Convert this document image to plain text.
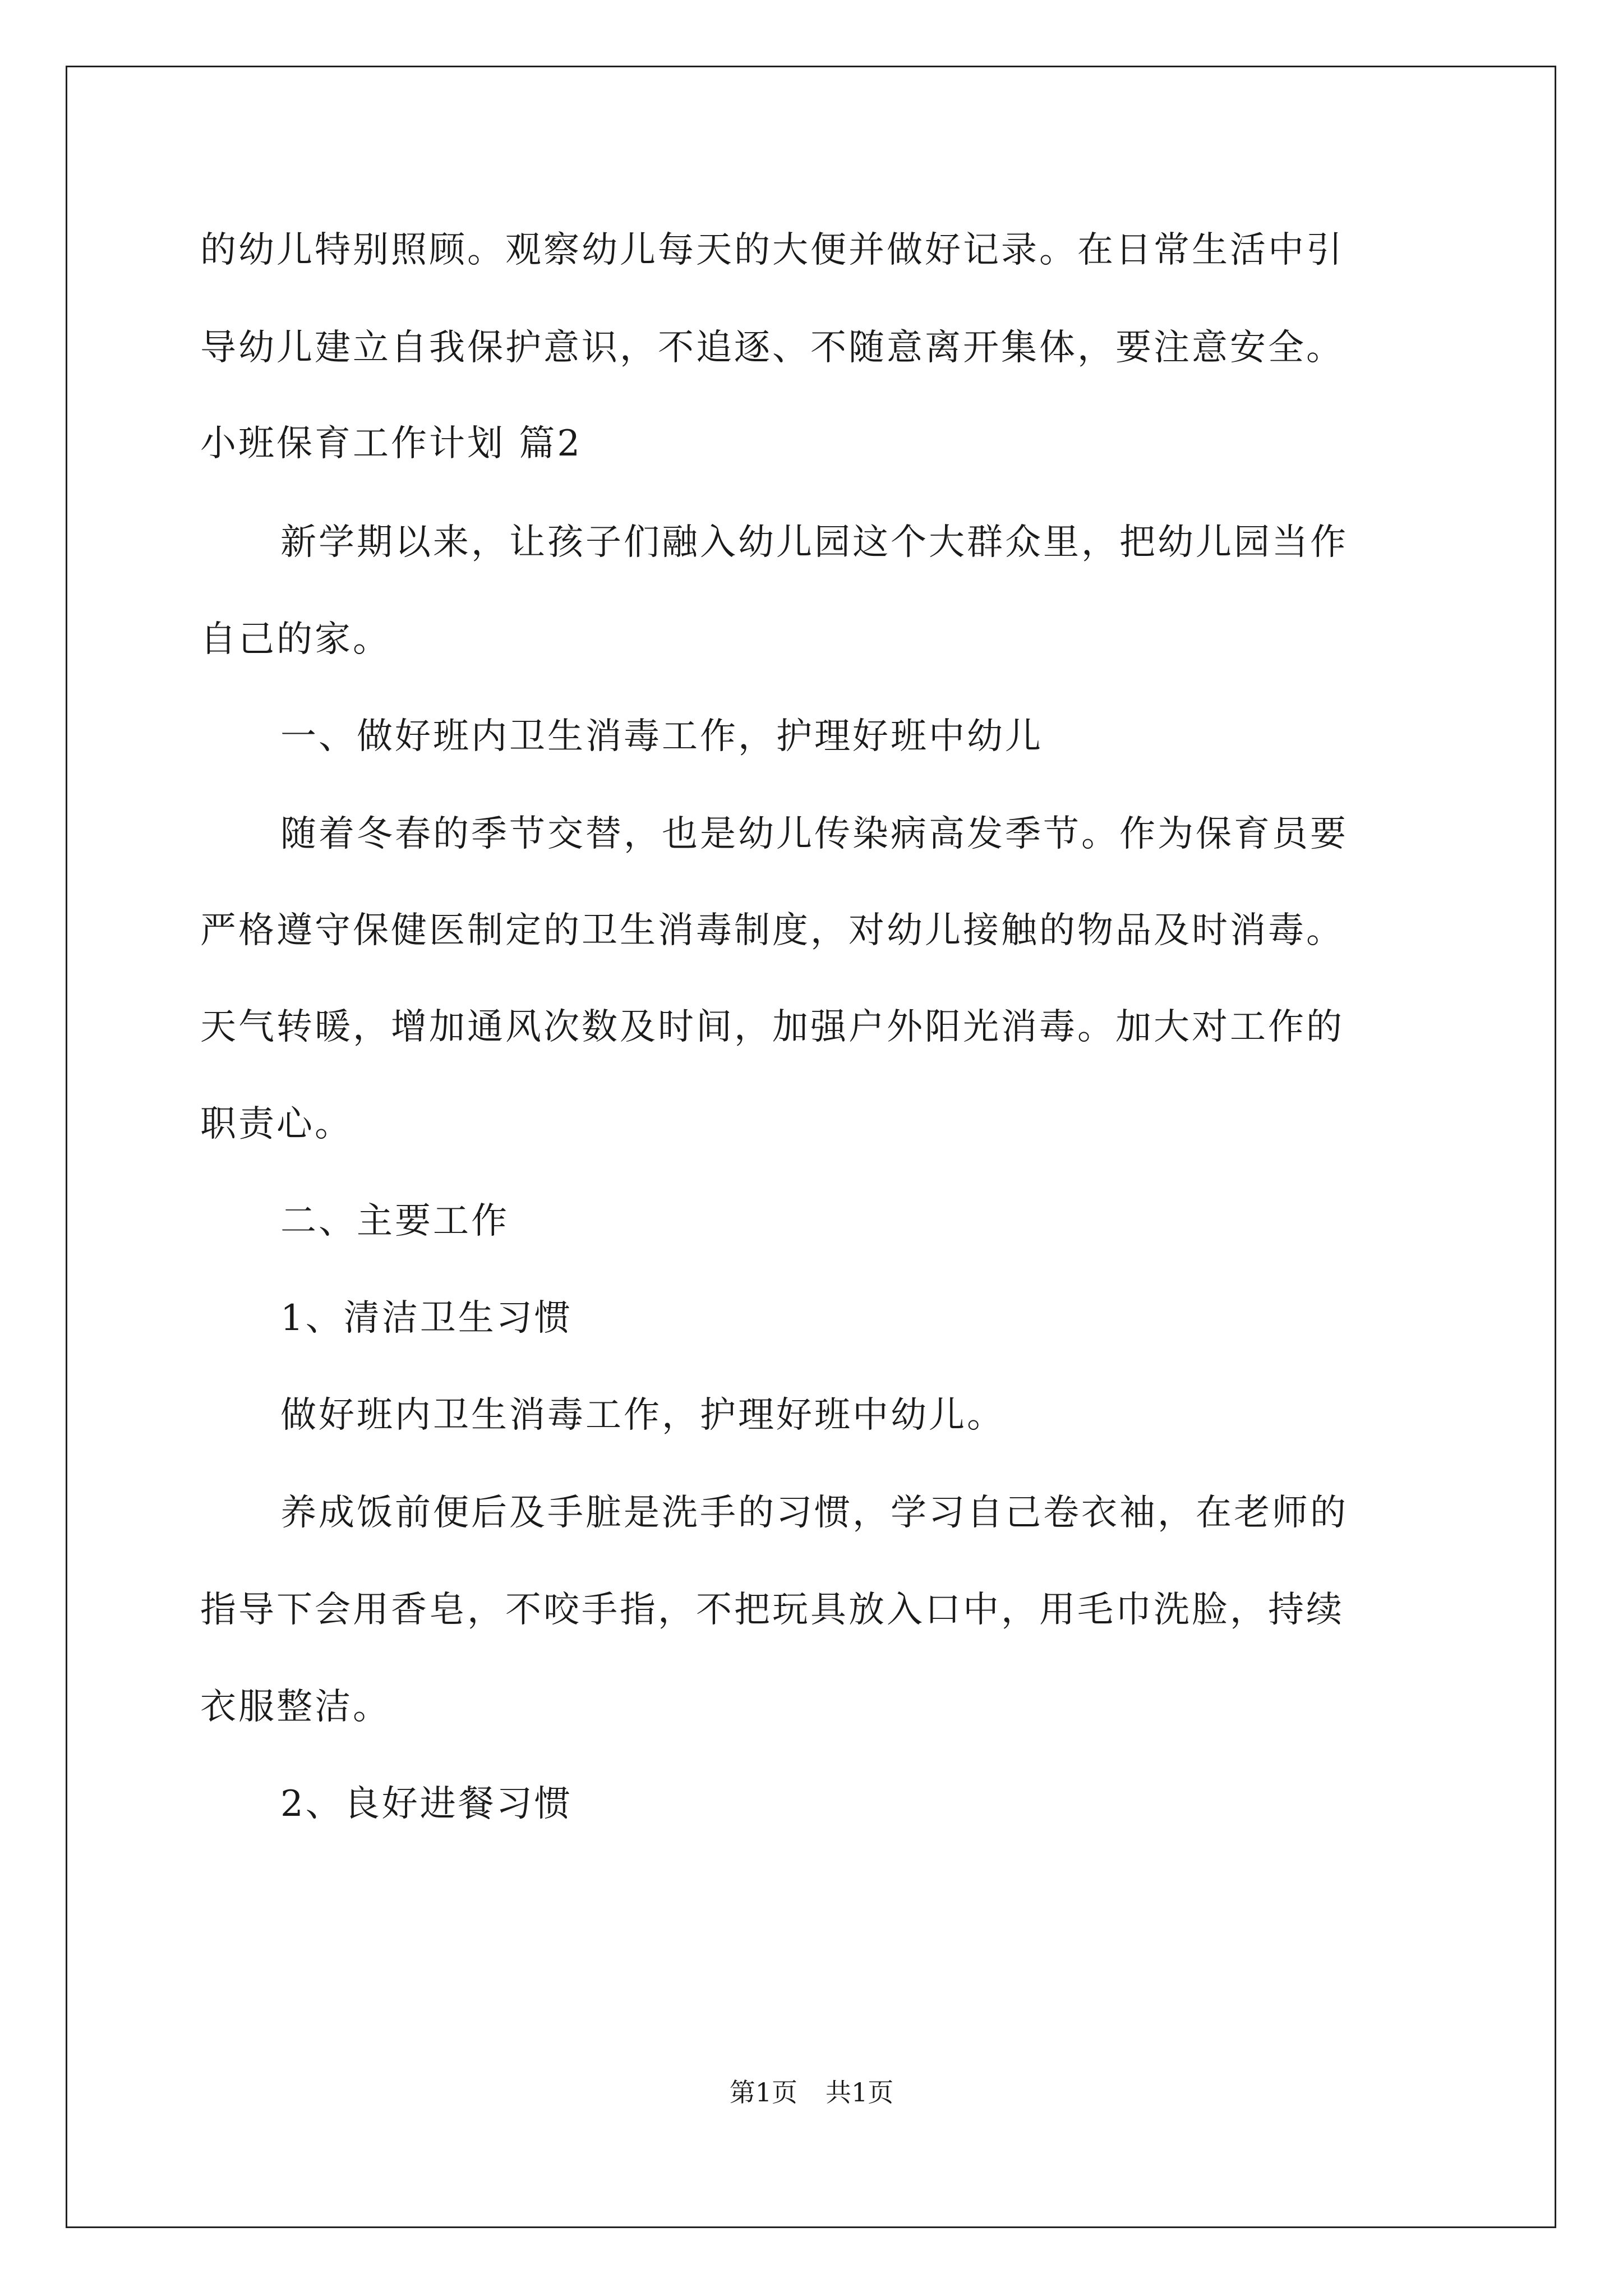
的幼儿特别照顾。观察幼儿每天的大便并做好记录。在日常生活中引
导幼儿建立自我保护意识，不追逐、不随意离开集体，要注意安全。
小班保育工作计划 篇2
新学期以来，让孩子们融入幼儿园这个大群众里，把幼儿园当作
自己的家。
一、做好班内卫生消毒工作，护理好班中幼儿
随着冬春的季节交替，也是幼儿传染病高发季节。作为保育员要
严格遵守保健医制定的卫生消毒制度，对幼儿接触的物品及时消毒。
天气转暖，增加通风次数及时间，加强户外阳光消毒。加大对工作的
职责心。
二、主要工作
1、清洁卫生习惯
做好班内卫生消毒工作，护理好班中幼儿。
养成饭前便后及手脏是洗手的习惯，学习自己卷衣袖，在老师的
指导下会用香皂，不咬手指，不把玩具放入口中，用毛巾洗脸，持续
衣服整洁。
2、良好进餐习惯
第1页 共1页
